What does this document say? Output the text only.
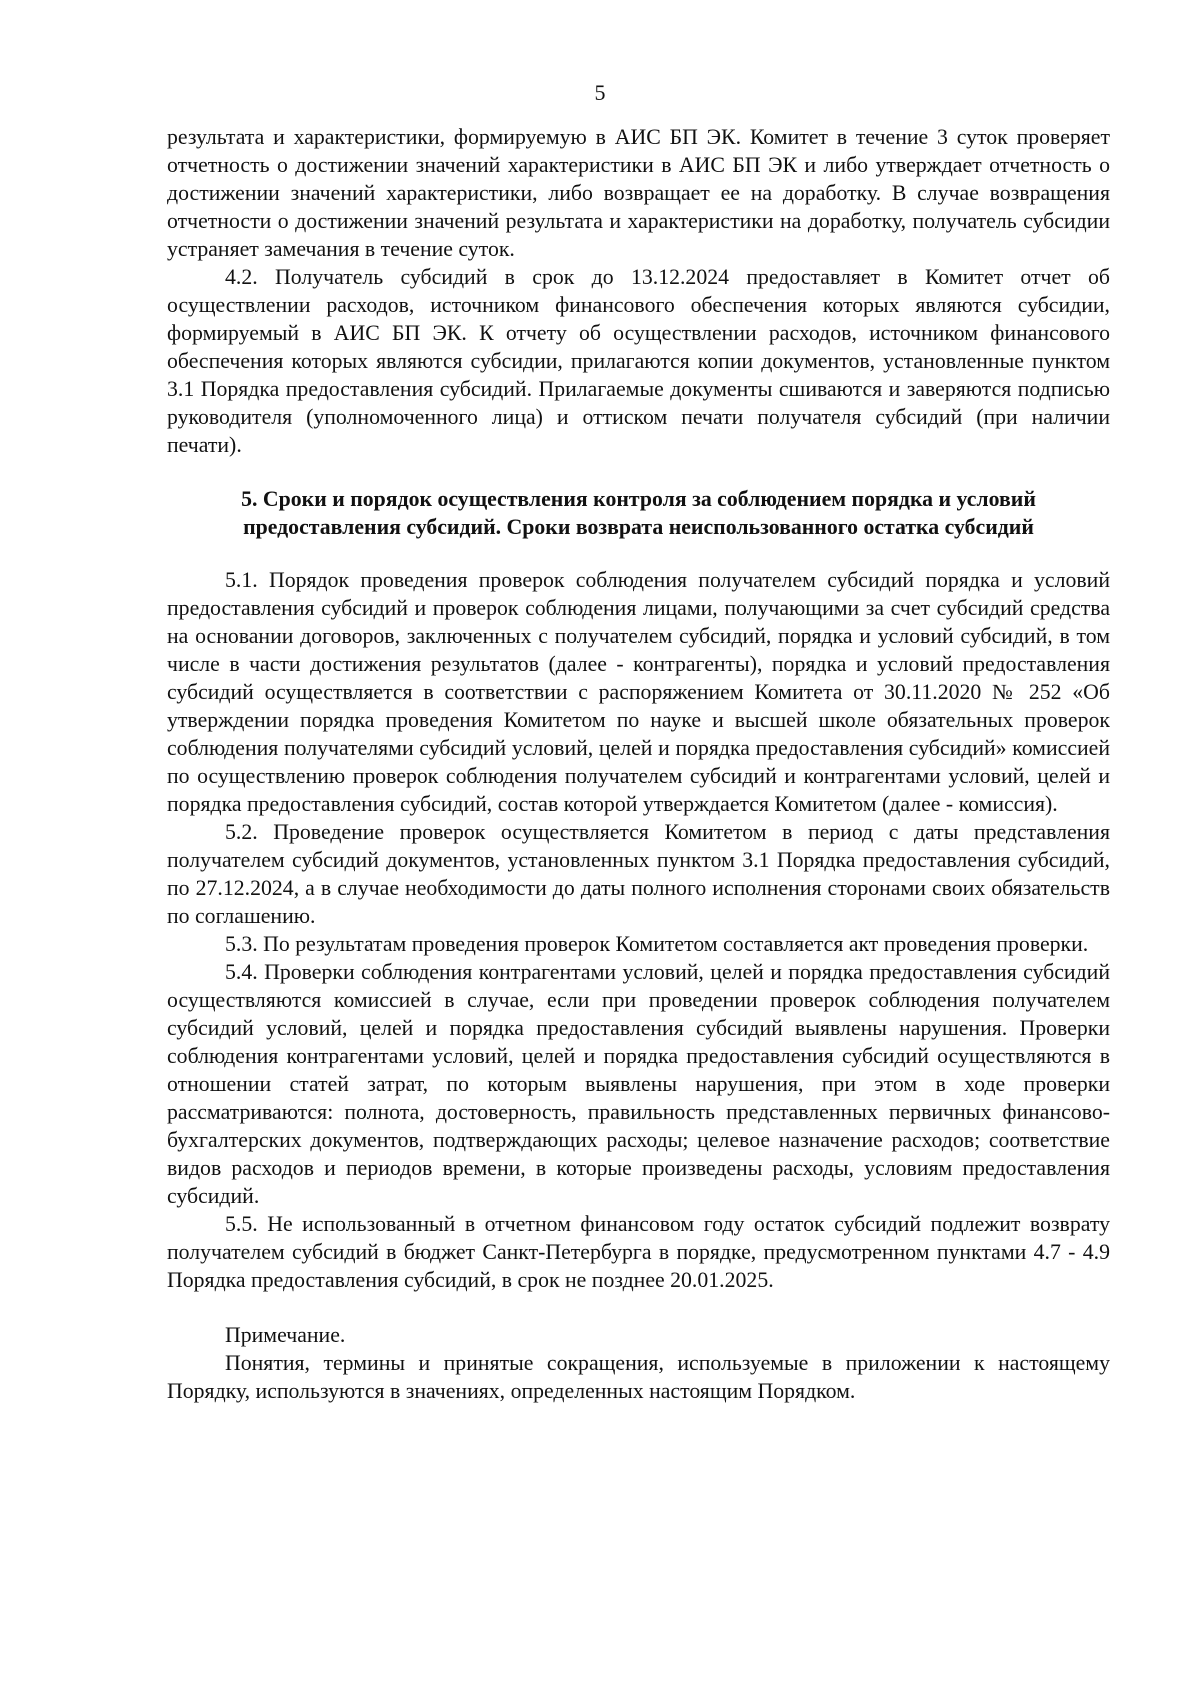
5

результата и характеристики, формируемую в АИС БП ЭК. Комитет в течение 3 суток проверяет отчетность о достижении значений характеристики в АИС БП ЭК и либо утверждает отчетность о достижении значений характеристики, либо возвращает ее на доработку. В случае возвращения отчетности о достижении значений результата и характеристики на доработку, получатель субсидии устраняет замечания в течение суток.

4.2. Получатель субсидий в срок до 13.12.2024 предоставляет в Комитет отчет об осуществлении расходов, источником финансового обеспечения которых являются субсидии, формируемый в АИС БП ЭК. К отчету об осуществлении расходов, источником финансового обеспечения которых являются субсидии, прилагаются копии документов, установленные пунктом 3.1 Порядка предоставления субсидий. Прилагаемые документы сшиваются и заверяются подписью руководителя (уполномоченного лица) и оттиском печати получателя субсидий (при наличии печати).

5. Сроки и порядок осуществления контроля за соблюдением порядка и условий предоставления субсидий. Сроки возврата неиспользованного остатка субсидий

5.1. Порядок проведения проверок соблюдения получателем субсидий порядка и условий предоставления субсидий и проверок соблюдения лицами, получающими за счет субсидий средства на основании договоров, заключенных с получателем субсидий, порядка и условий субсидий, в том числе в части достижения результатов (далее - контрагенты), порядка и условий предоставления субсидий осуществляется в соответствии с распоряжением Комитета от 30.11.2020 № 252 «Об утверждении порядка проведения Комитетом по науке и высшей школе обязательных проверок соблюдения получателями субсидий условий, целей и порядка предоставления субсидий» комиссией по осуществлению проверок соблюдения получателем субсидий и контрагентами условий, целей и порядка предоставления субсидий, состав которой утверждается Комитетом (далее - комиссия).

5.2. Проведение проверок осуществляется Комитетом в период с даты представления получателем субсидий документов, установленных пунктом 3.1 Порядка предоставления субсидий, по 27.12.2024, а в случае необходимости до даты полного исполнения сторонами своих обязательств по соглашению.

5.3. По результатам проведения проверок Комитетом составляется акт проведения проверки.

5.4. Проверки соблюдения контрагентами условий, целей и порядка предоставления субсидий осуществляются комиссией в случае, если при проведении проверок соблюдения получателем субсидий условий, целей и порядка предоставления субсидий выявлены нарушения. Проверки соблюдения контрагентами условий, целей и порядка предоставления субсидий осуществляются в отношении статей затрат, по которым выявлены нарушения, при этом в ходе проверки рассматриваются: полнота, достоверность, правильность представленных первичных финансово-бухгалтерских документов, подтверждающих расходы; целевое назначение расходов; соответствие видов расходов и периодов времени, в которые произведены расходы, условиям предоставления субсидий.

5.5. Не использованный в отчетном финансовом году остаток субсидий подлежит возврату получателем субсидий в бюджет Санкт-Петербурга в порядке, предусмотренном пунктами 4.7 - 4.9 Порядка предоставления субсидий, в срок не позднее 20.01.2025.

Примечание.

Понятия, термины и принятые сокращения, используемые в приложении к настоящему Порядку, используются в значениях, определенных настоящим Порядком.
